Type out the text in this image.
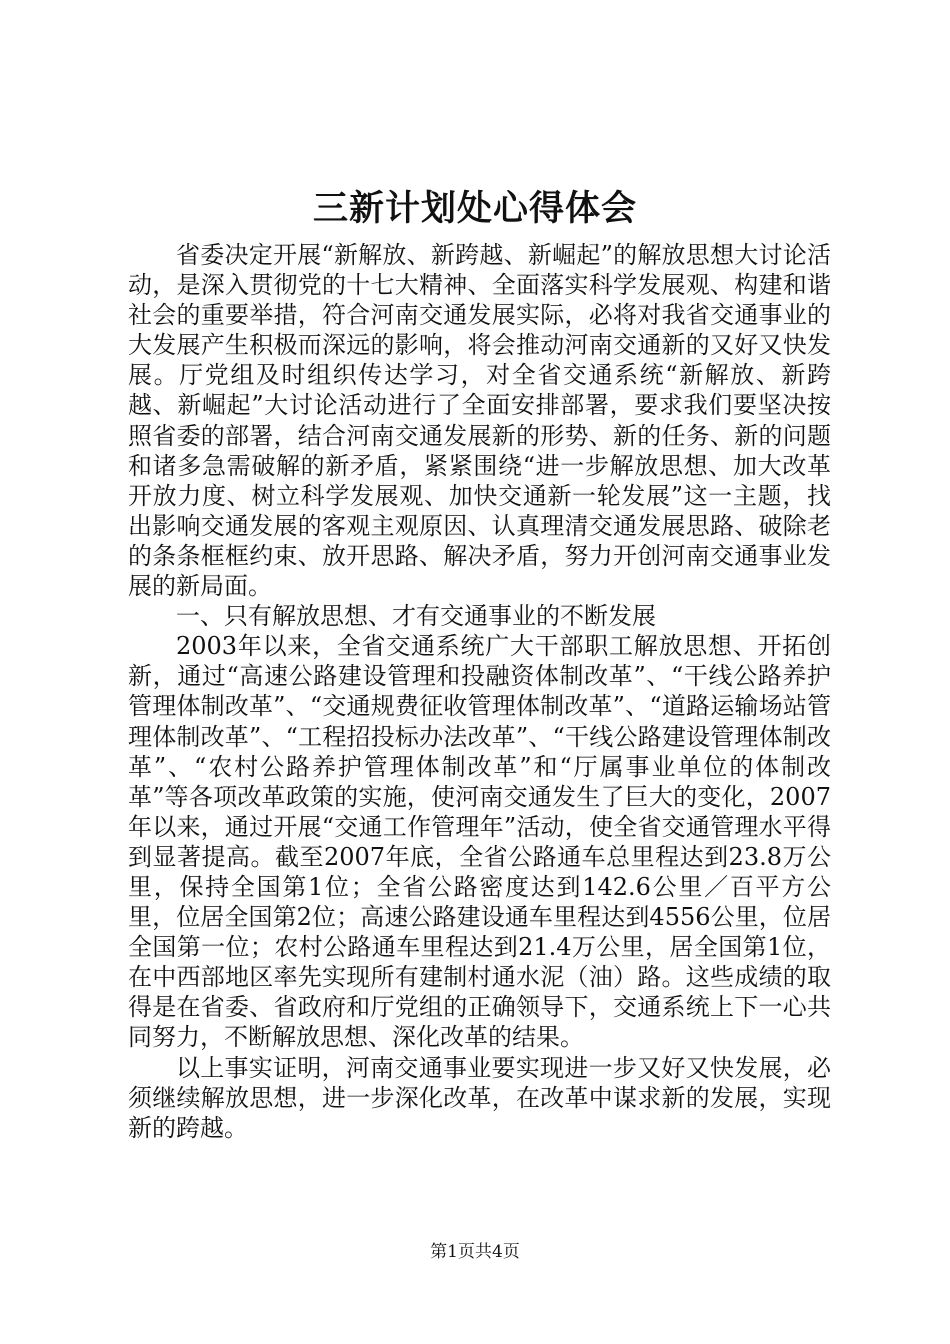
三新计划处心得体会

省委决定开展“新解放、新跨越、新崛起”的解放思想大讨论活动，是深入贯彻党的十七大精神、全面落实科学发展观、构建和谐社会的重要举措，符合河南交通发展实际，必将对我省交通事业的大发展产生积极而深远的影响，将会推动河南交通新的又好又快发展。厅党组及时组织传达学习，对全省交通系统“新解放、新跨越、新崛起”大讨论活动进行了全面安排部署，要求我们要坚决按照省委的部署，结合河南交通发展新的形势、新的任务、新的问题和诸多急需破解的新矛盾，紧紧围绕“进一步解放思想、加大改革开放力度、树立科学发展观、加快交通新一轮发展”这一主题，找出影响交通发展的客观主观原因、认真理清交通发展思路、破除老的条条框框约束、放开思路、解决矛盾，努力开创河南交通事业发展的新局面。

一、只有解放思想、才有交通事业的不断发展

2003年以来，全省交通系统广大干部职工解放思想、开拓创新，通过“高速公路建设管理和投融资体制改革”、“干线公路养护管理体制改革”、“交通规费征收管理体制改革”、“道路运输场站管理体制改革”、“工程招投标办法改革”、“干线公路建设管理体制改革”、“农村公路养护管理体制改革”和“厅属事业单位的体制改革”等各项改革政策的实施，使河南交通发生了巨大的变化，2007年以来，通过开展“交通工作管理年”活动，使全省交通管理水平得到显著提高。截至2007年底，全省公路通车总里程达到23.8万公里，保持全国第1位；全省公路密度达到142.6公里／百平方公里，位居全国第2位；高速公路建设通车里程达到4556公里，位居全国第一位；农村公路通车里程达到21.4万公里，居全国第1位，在中西部地区率先实现所有建制村通水泥（油）路。这些成绩的取得是在省委、省政府和厅党组的正确领导下，交通系统上下一心共同努力，不断解放思想、深化改革的结果。

以上事实证明，河南交通事业要实现进一步又好又快发展，必须继续解放思想，进一步深化改革，在改革中谋求新的发展，实现新的跨越。

第1页共4页
